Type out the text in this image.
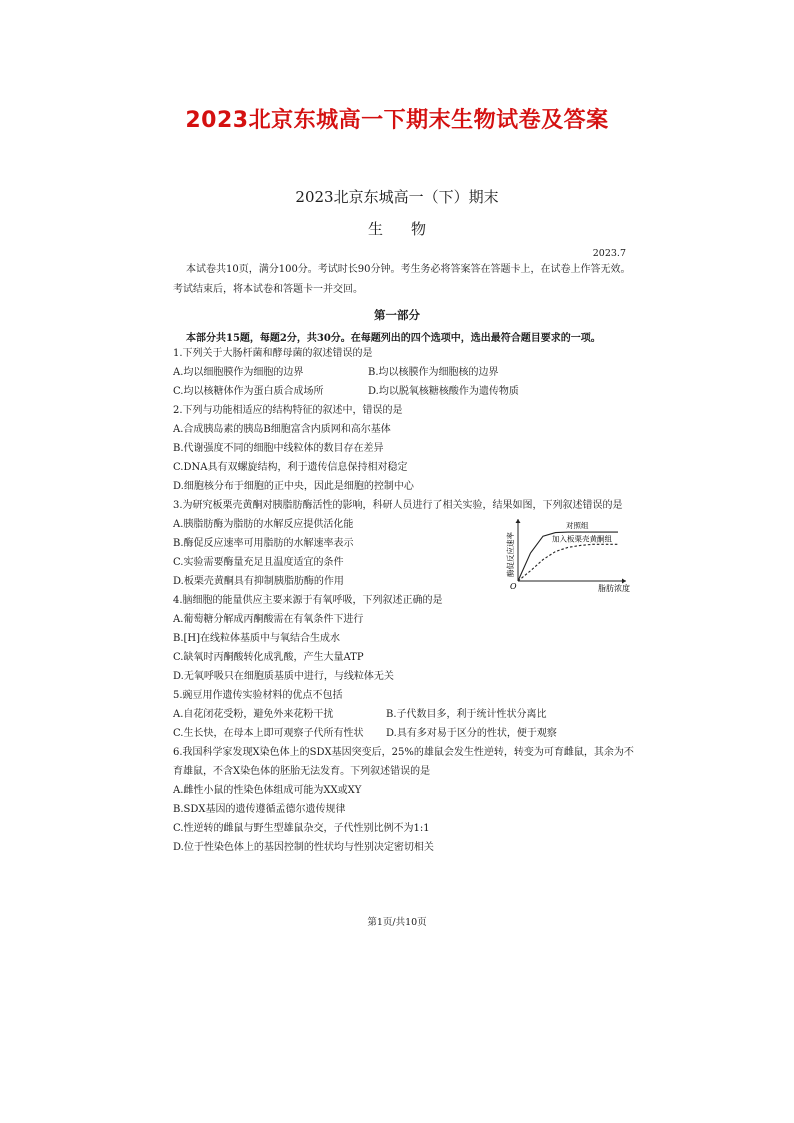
2023北京东城高一下期末生物试卷及答案
2023北京东城高一（下）期末
生物
2023.7
本试卷共10页，满分100分。考试时长90分钟。考生务必将答案答在答题卡上，在试卷上作答无效。
考试结束后，将本试卷和答题卡一并交回。
第一部分
本部分共15题，每题2分，共30分。在每题列出的四个选项中，选出最符合题目要求的一项。
1.下列关于大肠杆菌和酵母菌的叙述错误的是
A.均以细胞膜作为细胞的边界	B.均以核膜作为细胞核的边界
C.均以核糖体作为蛋白质合成场所	D.均以脱氧核糖核酸作为遗传物质
2.下列与功能相适应的结构特征的叙述中，错误的是
A.合成胰岛素的胰岛B细胞富含内质网和高尔基体
B.代谢强度不同的细胞中线粒体的数目存在差异
C.DNA具有双螺旋结构，利于遗传信息保持相对稳定
D.细胞核分布于细胞的正中央，因此是细胞的控制中心
3.为研究板栗壳黄酮对胰脂肪酶活性的影响，科研人员进行了相关实验，结果如图，下列叙述错误的是
A.胰脂肪酶为脂肪的水解反应提供活化能
B.酶促反应速率可用脂肪的水解速率表示
C.实验需要酶量充足且温度适宜的条件
D.板栗壳黄酮具有抑制胰脂肪酶的作用	O	脂肪浓度
酶促反应速率
对照组
加入板栗壳黄酮组
4.脑细胞的能量供应主要来源于有氧呼吸，下列叙述正确的是
A.葡萄糖分解成丙酮酸需在有氧条件下进行
B.[H]在线粒体基质中与氧结合生成水
C.缺氧时丙酮酸转化成乳酸，产生大量ATP
D.无氧呼吸只在细胞质基质中进行，与线粒体无关
5.豌豆用作遗传实验材料的优点不包括
A.自花闭花受粉，避免外来花粉干扰	B.子代数目多，利于统计性状分离比
C.生长快，在母本上即可观察子代所有性状 D.具有多对易于区分的性状，便于观察
6.我国科学家发现X染色体上的SDX基因突变后，25%的雄鼠会发生性逆转，转变为可育雌鼠，其余为不
育雄鼠，不含X染色体的胚胎无法发育。下列叙述错误的是
A.雌性小鼠的性染色体组成可能为XX或XY
B.SDX基因的遗传遵循孟德尔遗传规律
C.性逆转的雌鼠与野生型雄鼠杂交，子代性别比例不为1:1
D.位于性染色体上的基因控制的性状均与性别决定密切相关
第1页/共10页
